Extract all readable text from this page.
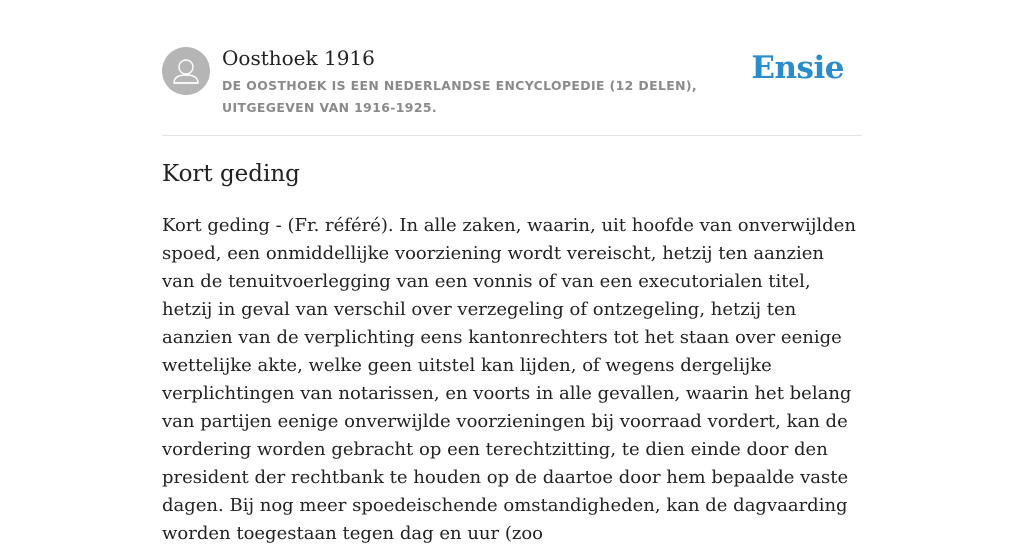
Oosthoek 1916
DE OOSTHOEK IS EEN NEDERLANDSE ENCYCLOPEDIE (12 DELEN), UITGEGEVEN VAN 1916-1925.
Ensie
Kort geding

Kort geding - (Fr. référé). In alle zaken, waarin, uit hoofde van onverwijlden spoed, een onmiddellijke voorziening wordt vereischt, hetzij ten aanzien van de tenuitvoerlegging van een vonnis of van een executorialen titel, hetzij in geval van verschil over verzegeling of ontzegeling, hetzij ten aanzien van de verplichting eens kantonrechters tot het staan over eenige wettelijke akte, welke geen uitstel kan lijden, of wegens dergelijke verplichtingen van notarissen, en voorts in alle gevallen, waarin het belang van partijen eenige onverwijlde voorzieningen bij voorraad vordert, kan de vordering worden gebracht op een terechtzitting, te dien einde door den president der rechtbank te houden op de daartoe door hem bepaalde vaste dagen. Bij nog meer spoedeischende omstandigheden, kan de dagvaarding worden toegestaan tegen dag en uur (zoo
